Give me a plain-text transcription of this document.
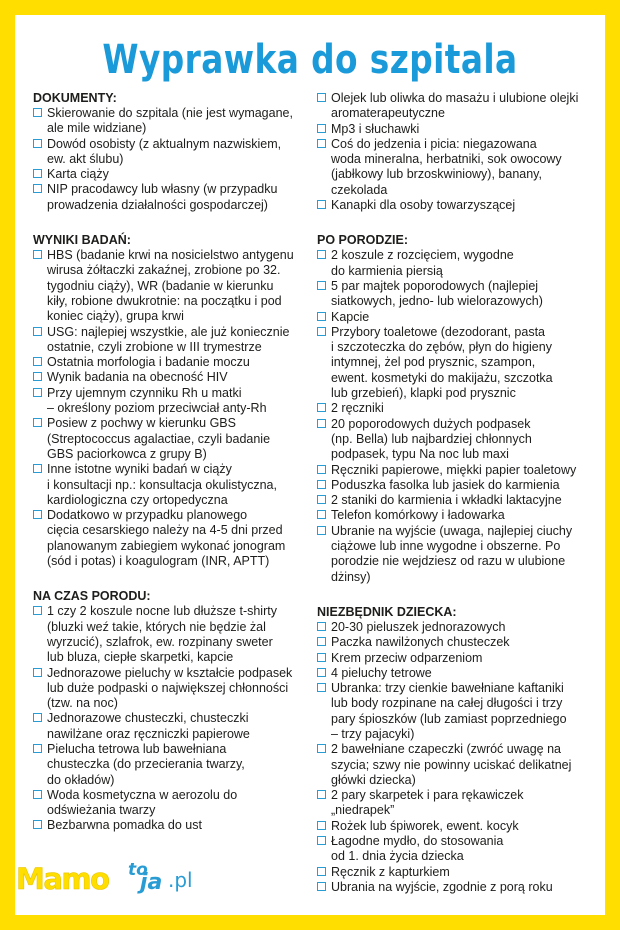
Wyprawka do szpitala
DOKUMENTY:
Skierowanie do szpitala (nie jest wymagane,
ale mile widziane)
Dowód osobisty (z aktualnym nazwiskiem,
ew. akt ślubu)
Karta ciąży
NIP pracodawcy lub własny (w przypadku
prowadzenia działalności gospodarczej)
WYNIKI BADAŃ:
HBS (badanie krwi na nosicielstwo antygenu
wirusa żółtaczki zakaźnej, zrobione po 32.
tygodniu ciąży), WR (badanie w kierunku
kiły, robione dwukrotnie: na początku i pod
koniec ciąży), grupa krwi
USG: najlepiej wszystkie, ale już koniecznie
ostatnie, czyli zrobione w III trymestrze
Ostatnia morfologia i badanie moczu
Wynik badania na obecność HIV
Przy ujemnym czynniku Rh u matki
– określony poziom przeciwciał anty-Rh
Posiew z pochwy w kierunku GBS
(Streptococcus agalactiae, czyli badanie
GBS paciorkowca z grupy B)
Inne istotne wyniki badań w ciąży
i konsultacji np.: konsultacja okulistyczna,
kardiologiczna czy ortopedyczna
Dodatkowo w przypadku planowego
cięcia cesarskiego należy na 4-5 dni przed
planowanym zabiegiem wykonać jonogram
(sód i potas) i koagulogram (INR, APTT)
NA CZAS PORODU:
1 czy 2 koszule nocne lub dłuższe t-shirty
(bluzki weź takie, których nie będzie żal
wyrzucić), szlafrok, ew. rozpinany sweter
lub bluza, ciepłe skarpetki, kapcie
Jednorazowe pieluchy w kształcie podpasek
lub duże podpaski o największej chłonności
(tzw. na noc)
Jednorazowe chusteczki, chusteczki
nawilżane oraz ręczniczki papierowe
Pielucha tetrowa lub bawełniana
chusteczka (do przecierania twarzy,
do okładów)
Woda kosmetyczna w aerozolu do
odświeżania twarzy
Bezbarwna pomadka do ust
Olejek lub oliwka do masażu i ulubione olejki
aromaterapeutyczne
Mp3 i słuchawki
Coś do jedzenia i picia: niegazowana
woda mineralna, herbatniki, sok owocowy
(jabłkowy lub brzoskwiniowy), banany,
czekolada
Kanapki dla osoby towarzyszącej
PO PORODZIE:
2 koszule z rozcięciem, wygodne
do karmienia piersią
5 par majtek poporodowych (najlepiej
siatkowych, jedno- lub wielorazowych)
Kapcie
Przybory toaletowe (dezodorant, pasta
i szczoteczka do zębów, płyn do higieny
intymnej, żel pod prysznic, szampon,
ewent. kosmetyki do makijażu, szczotka
lub grzebień), klapki pod prysznic
2 ręczniki
20 poporodowych dużych podpasek
(np. Bella) lub najbardziej chłonnych
podpasek, typu Na noc lub maxi
Ręczniki papierowe, miękki papier toaletowy
Poduszka fasolka lub jasiek do karmienia
2 staniki do karmienia i wkładki laktacyjne
Telefon komórkowy i ładowarka
Ubranie na wyjście (uwaga, najlepiej ciuchy
ciążowe lub inne wygodne i obszerne. Po
porodzie nie wejdziesz od razu w ulubione
dżinsy)
NIEZBĘDNIK DZIECKA:
20-30 pieluszek jednorazowych
Paczka nawilżonych chusteczek
Krem przeciw odparzeniom
4 pieluchy tetrowe
Ubranka: trzy cienkie bawełniane kaftaniki
lub body rozpinane na całej długości i trzy
pary śpioszków (lub zamiast poprzedniego
– trzy pajacyki)
2 bawełniane czapeczki (zwróć uwagę na
szycia; szwy nie powinny uciskać delikatnej
główki dziecka)
2 pary skarpetek i para rękawiczek
„niedrapek”
Rożek lub śpiworek, ewent. kocyk
Łagodne mydło, do stosowania
od 1. dnia życia dziecka
Ręcznik z kapturkiem
Ubrania na wyjście, zgodnie z porą roku
Mamo to
ja .pl
